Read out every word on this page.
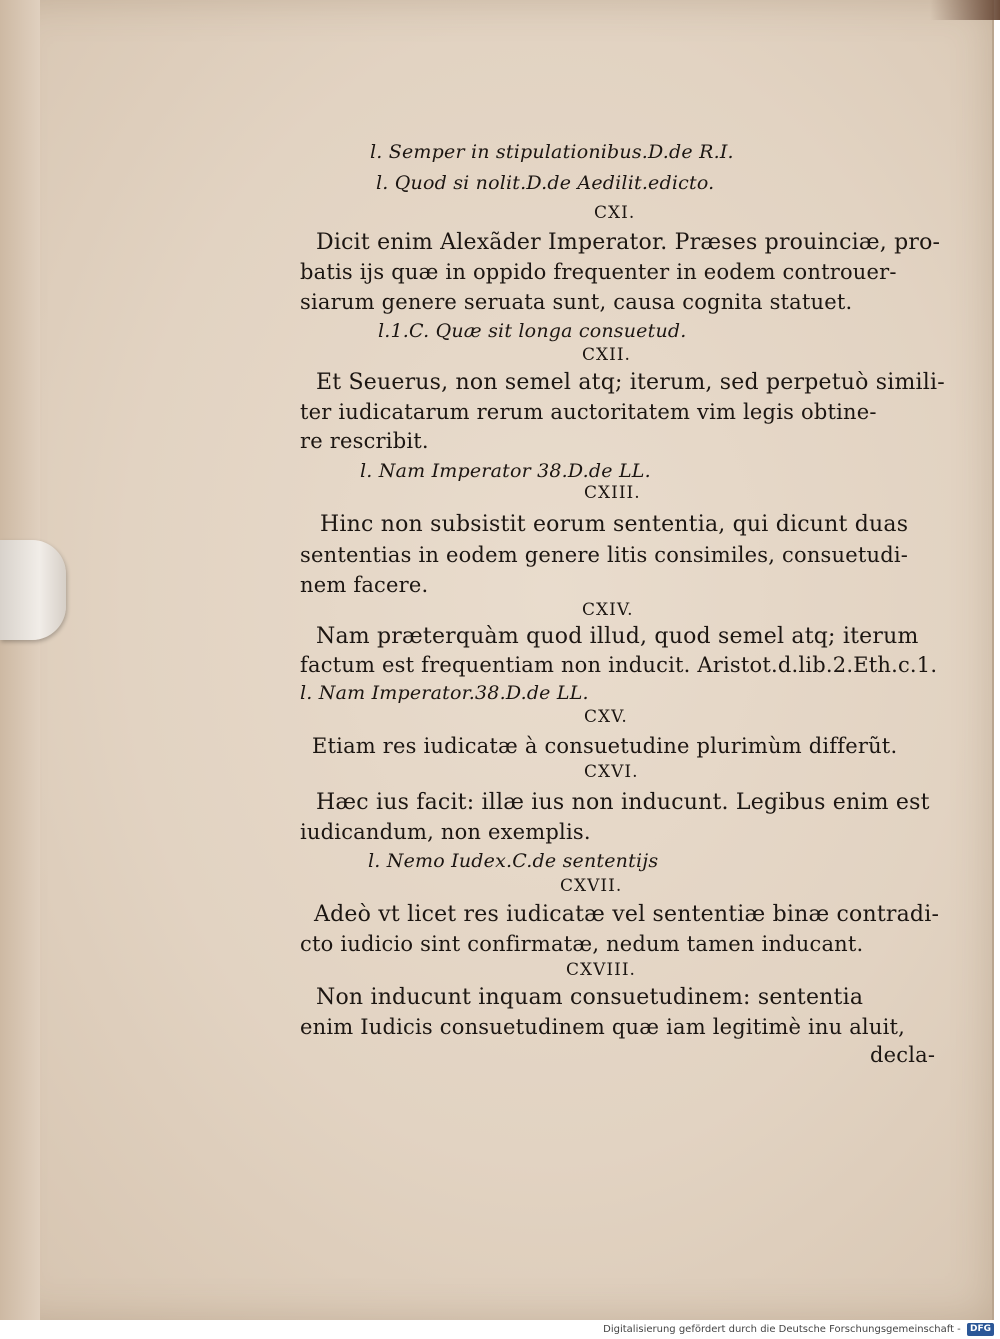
l. Semper in stipulationibus.D.de R.I.
l. Quod si nolit.D.de Aedilit.edicto.
CXI.
Dicit enim Alexãder Imperator. Præses prouinciæ, pro-
batis ijs quæ in oppido frequenter in eodem controuer-
siarum genere seruata sunt, causa cognita statuet.
l.1.C. Quæ sit longa consuetud.
CXII.
Et Seuerus, non semel atq; iterum, sed perpetuò simili-
ter iudicatarum rerum auctoritatem vim legis obtine-
re rescribit.
l. Nam Imperator 38.D.de LL.
CXIII.
Hinc non subsistit eorum sententia, qui dicunt duas
sententias in eodem genere litis consimiles, consuetudi-
nem facere.
CXIV.
Nam præterquàm quod illud, quod semel atq; iterum
factum est frequentiam non inducit. Aristot.d.lib.2.Eth.c.1.
l. Nam Imperator.38.D.de LL.
CXV.
Etiam res iudicatæ à consuetudine plurimùm differũt.
CXVI.
Hæc ius facit: illæ ius non inducunt. Legibus enim est
iudicandum, non exemplis.
l. Nemo Iudex.C.de sententijs
CXVII.
Adeò vt licet res iudicatæ vel sententiæ binæ contradi-
cto iudicio sint confirmatæ, nedum tamen inducant.
CXVIII.
Non inducunt inquam consuetudinem: sententia
enim Iudicis consuetudinem quæ iam legitimè inu aluit,
decla-
Digitalisierung gefördert durch die Deutsche Forschungsgemeinschaft - DFG
